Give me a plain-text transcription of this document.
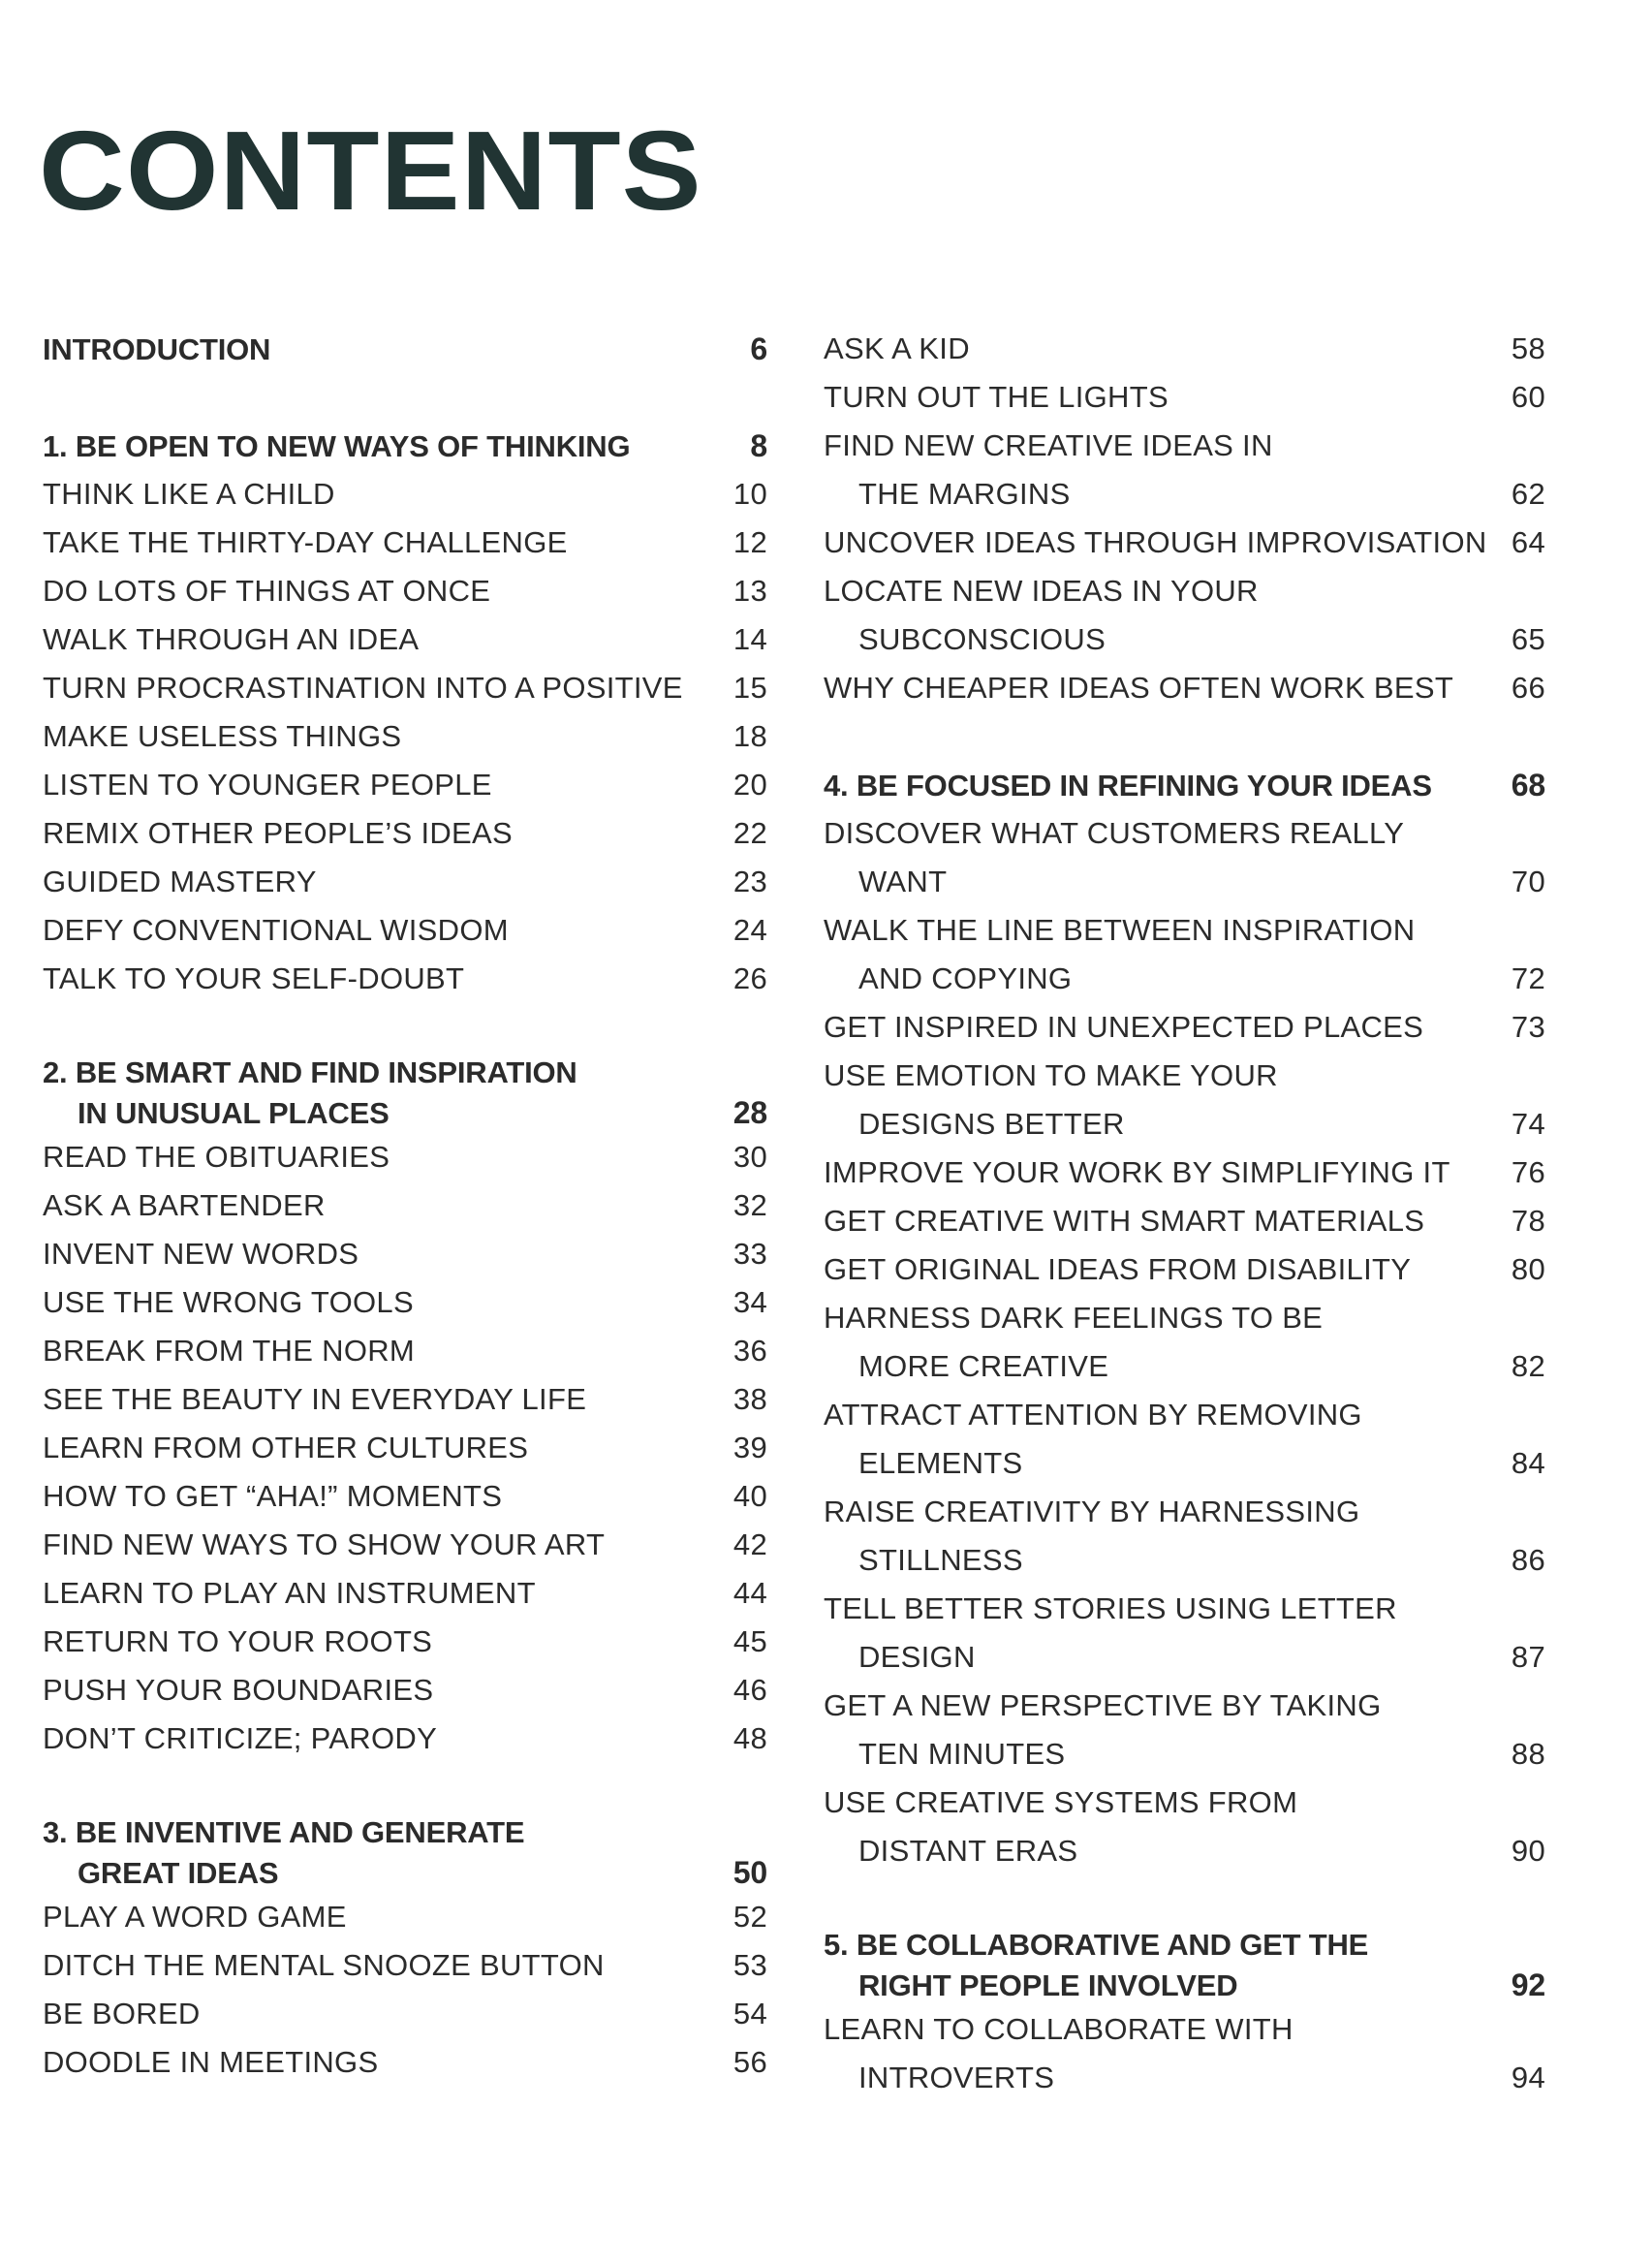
CONTENTS
INTRODUCTION	6
1. BE OPEN TO NEW WAYS OF THINKING	8
THINK LIKE A CHILD	10
TAKE THE THIRTY-DAY CHALLENGE	12
DO LOTS OF THINGS AT ONCE	13
WALK THROUGH AN IDEA	14
TURN PROCRASTINATION INTO A POSITIVE	15
MAKE USELESS THINGS	18
LISTEN TO YOUNGER PEOPLE	20
REMIX OTHER PEOPLE’S IDEAS	22
GUIDED MASTERY	23
DEFY CONVENTIONAL WISDOM	24
TALK TO YOUR SELF-DOUBT	26
2. BE SMART AND FIND INSPIRATION
IN UNUSUAL PLACES	28
READ THE OBITUARIES	30
ASK A BARTENDER	32
INVENT NEW WORDS	33
USE THE WRONG TOOLS	34
BREAK FROM THE NORM	36
SEE THE BEAUTY IN EVERYDAY LIFE	38
LEARN FROM OTHER CULTURES	39
HOW TO GET “AHA!” MOMENTS	40
FIND NEW WAYS TO SHOW YOUR ART	42
LEARN TO PLAY AN INSTRUMENT	44
RETURN TO YOUR ROOTS	45
PUSH YOUR BOUNDARIES	46
DON’T CRITICIZE; PARODY	48
3. BE INVENTIVE AND GENERATE
GREAT IDEAS	50
PLAY A WORD GAME	52
DITCH THE MENTAL SNOOZE BUTTON	53
BE BORED	54
DOODLE IN MEETINGS	56
ASK A KID	58
TURN OUT THE LIGHTS	60
FIND NEW CREATIVE IDEAS IN
THE MARGINS	62
UNCOVER IDEAS THROUGH IMPROVISATION 64
LOCATE NEW IDEAS IN YOUR
SUBCONSCIOUS	65
WHY CHEAPER IDEAS OFTEN WORK BEST	66
4. BE FOCUSED IN REFINING YOUR IDEAS	68
DISCOVER WHAT CUSTOMERS REALLY
WANT	70
WALK THE LINE BETWEEN INSPIRATION
AND COPYING	72
GET INSPIRED IN UNEXPECTED PLACES	73
USE EMOTION TO MAKE YOUR
DESIGNS BETTER	74
IMPROVE YOUR WORK BY SIMPLIFYING IT	76
GET CREATIVE WITH SMART MATERIALS	78
GET ORIGINAL IDEAS FROM DISABILITY	80
HARNESS DARK FEELINGS TO BE
MORE CREATIVE	82
ATTRACT ATTENTION BY REMOVING
ELEMENTS	84
RAISE CREATIVITY BY HARNESSING
STILLNESS	86
TELL BETTER STORIES USING LETTER
DESIGN	87
GET A NEW PERSPECTIVE BY TAKING
TEN MINUTES	88
USE CREATIVE SYSTEMS FROM
DISTANT ERAS	90
5. BE COLLABORATIVE AND GET THE
RIGHT PEOPLE INVOLVED	92
LEARN TO COLLABORATE WITH
INTROVERTS	94
